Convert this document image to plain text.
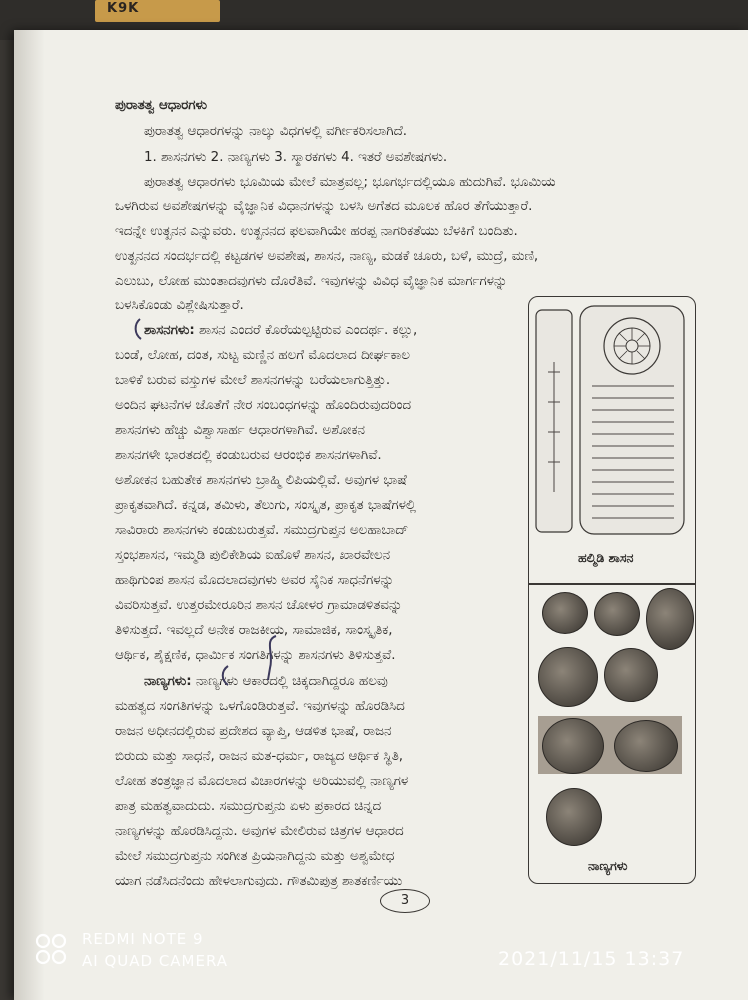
K9K
ಪುರಾತತ್ವ ಆಧಾರಗಳು
ಪುರಾತತ್ವ ಆಧಾರಗಳನ್ನು ನಾಲ್ಕು ವಿಧಗಳಲ್ಲಿ ವರ್ಗೀಕರಿಸಲಾಗಿದೆ.
1. ಶಾಸನಗಳು 2. ನಾಣ್ಯಗಳು 3. ಸ್ಮಾರಕಗಳು 4. ಇತರೆ ಅವಶೇಷಗಳು.
ಪುರಾತತ್ವ ಆಧಾರಗಳು ಭೂಮಿಯ ಮೇಲೆ ಮಾತ್ರವಲ್ಲ; ಭೂಗರ್ಭದಲ್ಲಿಯೂ ಹುದುಗಿವೆ. ಭೂಮಿಯ
ಒಳಗಿರುವ ಅವಶೇಷಗಳನ್ನು ವೈಜ್ಞಾನಿಕ ವಿಧಾನಗಳನ್ನು ಬಳಸಿ ಅಗೆತದ ಮೂಲಕ ಹೊರ ತೆಗೆಯುತ್ತಾರೆ.
ಇದನ್ನೇ ಉತ್ಖನನ ಎನ್ನುವರು. ಉತ್ಖನನದ ಫಲವಾಗಿಯೇ ಹರಪ್ಪ ನಾಗರಿಕತೆಯು ಬೆಳಕಿಗೆ ಬಂದಿತು.
ಉತ್ಖನನದ ಸಂದರ್ಭದಲ್ಲಿ ಕಟ್ಟಡಗಳ ಅವಶೇಷ, ಶಾಸನ, ನಾಣ್ಯ, ಮಡಕೆ ಚೂರು, ಬಳೆ, ಮುದ್ರೆ, ಮಣಿ,
ಎಲುಬು, ಲೋಹ ಮುಂತಾದವುಗಳು ದೊರೆತಿವೆ. ಇವುಗಳನ್ನು ವಿವಿಧ ವೈಜ್ಞಾನಿಕ ಮಾರ್ಗಗಳನ್ನು
ಬಳಸಿಕೊಂಡು ವಿಶ್ಲೇಷಿಸುತ್ತಾರೆ.
ಶಾಸನಗಳು: ಶಾಸನ ಎಂದರೆ ಕೊರೆಯಲ್ಪಟ್ಟಿರುವ ಎಂದರ್ಥ. ಕಲ್ಲು,
ಬಂಡೆ, ಲೋಹ, ದಂತ, ಸುಟ್ಟ ಮಣ್ಣಿನ ಹಲಗೆ ಮೊದಲಾದ ದೀರ್ಘಕಾಲ
ಬಾಳಿಕೆ ಬರುವ ವಸ್ತುಗಳ ಮೇಲೆ ಶಾಸನಗಳನ್ನು ಬರೆಯಲಾಗುತ್ತಿತ್ತು.
ಅಂದಿನ ಘಟನೆಗಳ ಜೊತೆಗೆ ನೇರ ಸಂಬಂಧಗಳನ್ನು ಹೊಂದಿರುವುದರಿಂದ
ಶಾಸನಗಳು ಹೆಚ್ಚು ವಿಶ್ವಾಸಾರ್ಹ ಆಧಾರಗಳಾಗಿವೆ. ಅಶೋಕನ
ಶಾಸನಗಳೇ ಭಾರತದಲ್ಲಿ ಕಂಡುಬರುವ ಆರಂಭಿಕ ಶಾಸನಗಳಾಗಿವೆ.
ಅಶೋಕನ ಬಹುತೇಕ ಶಾಸನಗಳು ಬ್ರಾಹ್ಮಿ ಲಿಪಿಯಲ್ಲಿವೆ. ಅವುಗಳ ಭಾಷೆ
ಪ್ರಾಕೃತವಾಗಿದೆ. ಕನ್ನಡ, ತಮಿಳು, ತೆಲುಗು, ಸಂಸ್ಕೃತ, ಪ್ರಾಕೃತ ಭಾಷೆಗಳಲ್ಲಿ
ಸಾವಿರಾರು ಶಾಸನಗಳು ಕಂಡುಬರುತ್ತವೆ. ಸಮುದ್ರಗುಪ್ತನ ಅಲಹಾಬಾದ್
ಸ್ತಂಭಶಾಸನ, ಇಮ್ಮಡಿ ಪುಲಿಕೇಶಿಯ ಐಹೊಳೆ ಶಾಸನ, ಖಾರವೇಲನ
ಹಾಥಿಗುಂಪ ಶಾಸನ ಮೊದಲಾದವುಗಳು ಅವರ ಸೈನಿಕ ಸಾಧನೆಗಳನ್ನು
ವಿವರಿಸುತ್ತವೆ. ಉತ್ತರಮೇರೂರಿನ ಶಾಸನ ಚೋಳರ ಗ್ರಾಮಾಡಳಿತವನ್ನು
ತಿಳಿಸುತ್ತದೆ. ಇವಲ್ಲದೆ ಅನೇಕ ರಾಜಕೀಯ, ಸಾಮಾಜಿಕ, ಸಾಂಸ್ಕೃತಿಕ,
ಆರ್ಥಿಕ, ಶೈಕ್ಷಣಿಕ, ಧಾರ್ಮಿಕ ಸಂಗತಿಗಳನ್ನು ಶಾಸನಗಳು ತಿಳಿಸುತ್ತವೆ.
ನಾಣ್ಯಗಳು: ನಾಣ್ಯಗಳು ಆಕಾರದಲ್ಲಿ ಚಿಕ್ಕದಾಗಿದ್ದರೂ ಹಲವು
ಮಹತ್ವದ ಸಂಗತಿಗಳನ್ನು ಒಳಗೊಂಡಿರುತ್ತವೆ. ಇವುಗಳನ್ನು ಹೊರಡಿಸಿದ
ರಾಜನ ಅಧೀನದಲ್ಲಿರುವ ಪ್ರದೇಶದ ವ್ಯಾಪ್ತಿ, ಆಡಳಿತ ಭಾಷೆ, ರಾಜನ
ಬಿರುದು ಮತ್ತು ಸಾಧನೆ, ರಾಜನ ಮತ-ಧರ್ಮ, ರಾಜ್ಯದ ಆರ್ಥಿಕ ಸ್ಥಿತಿ,
ಲೋಹ ತಂತ್ರಜ್ಞಾನ ಮೊದಲಾದ ವಿಚಾರಗಳನ್ನು ಅರಿಯುವಲ್ಲಿ ನಾಣ್ಯಗಳ
ಪಾತ್ರ ಮಹತ್ವವಾದುದು. ಸಮುದ್ರಗುಪ್ತನು ಏಳು ಪ್ರಕಾರದ ಚಿನ್ನದ
ನಾಣ್ಯಗಳನ್ನು ಹೊರಡಿಸಿದ್ದನು. ಅವುಗಳ ಮೇಲಿರುವ ಚಿತ್ರಗಳ ಆಧಾರದ
ಮೇಲೆ ಸಮುದ್ರಗುಪ್ತನು ಸಂಗೀತ ಪ್ರಿಯನಾಗಿದ್ದನು ಮತ್ತು ಅಶ್ವಮೇಧ
ಯಾಗ ನಡೆಸಿದನೆಂದು ಹೇಳಲಾಗುವುದು. ಗೌತಮಿಪುತ್ರ ಶಾತಕರ್ಣಿಯು
ಹಲ್ಮಿಡಿ ಶಾಸನ
ನಾಣ್ಯಗಳು
3
REDMI NOTE 9
AI QUAD CAMERA	2021/11/15 13:37
